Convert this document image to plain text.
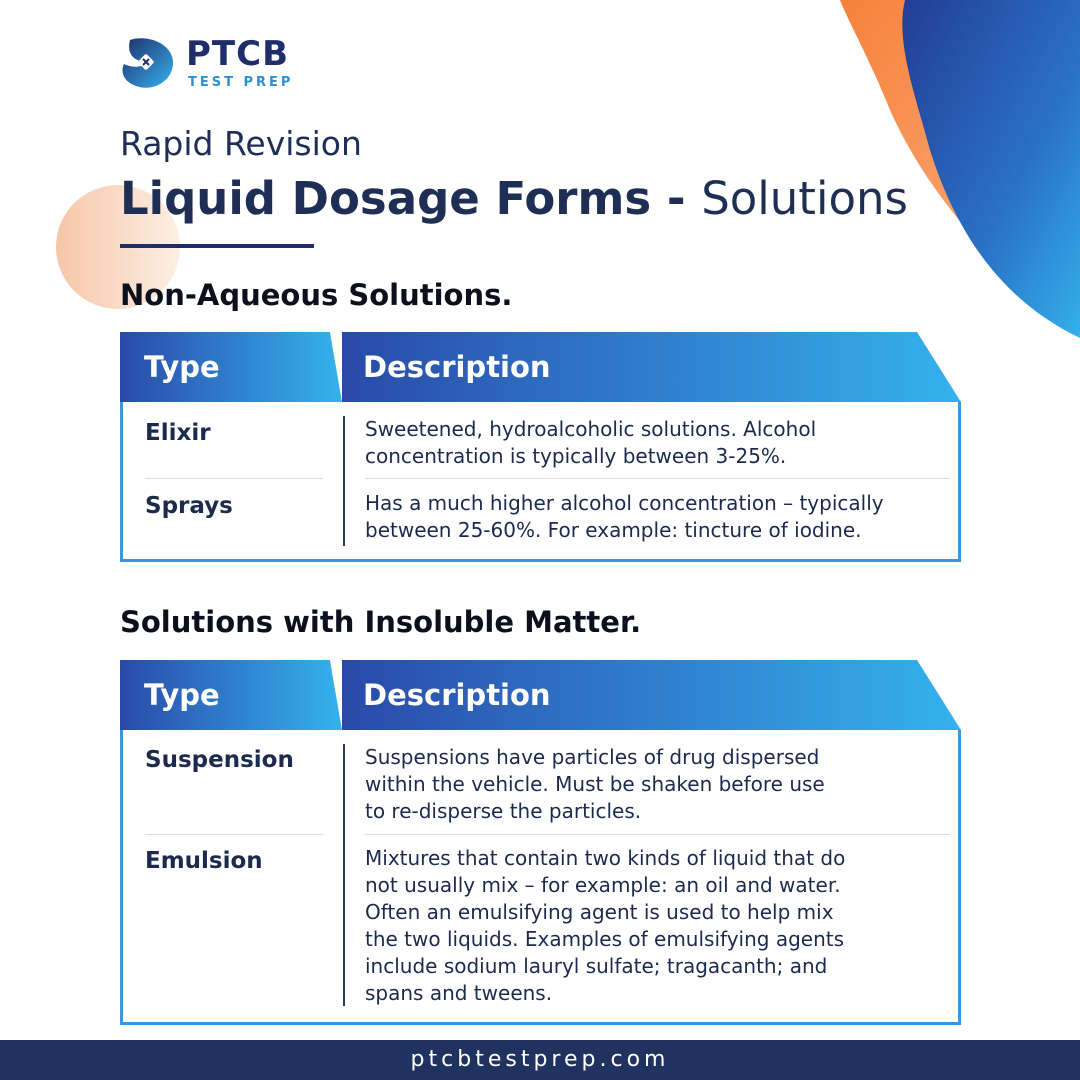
PTCB
TEST PREP
Rapid Revision
Liquid Dosage Forms - Solutions
Non-Aqueous Solutions.
Type	Description
Elixir	Sweetened, hydroalcoholic solutions. Alcohol
concentration is typically between 3-25%.
Sprays	Has a much higher alcohol concentration – typically
between 25-60%. For example: tincture of iodine.
Solutions with Insoluble Matter.
Type	Description
Suspension	Suspensions have particles of drug dispersed
within the vehicle. Must be shaken before use
to re-disperse the particles.
Emulsion	Mixtures that contain two kinds of liquid that do
not usually mix – for example: an oil and water.
Often an emulsifying agent is used to help mix
the two liquids. Examples of emulsifying agents
include sodium lauryl sulfate; tragacanth; and
spans and tweens.
ptcbtestprep.com
